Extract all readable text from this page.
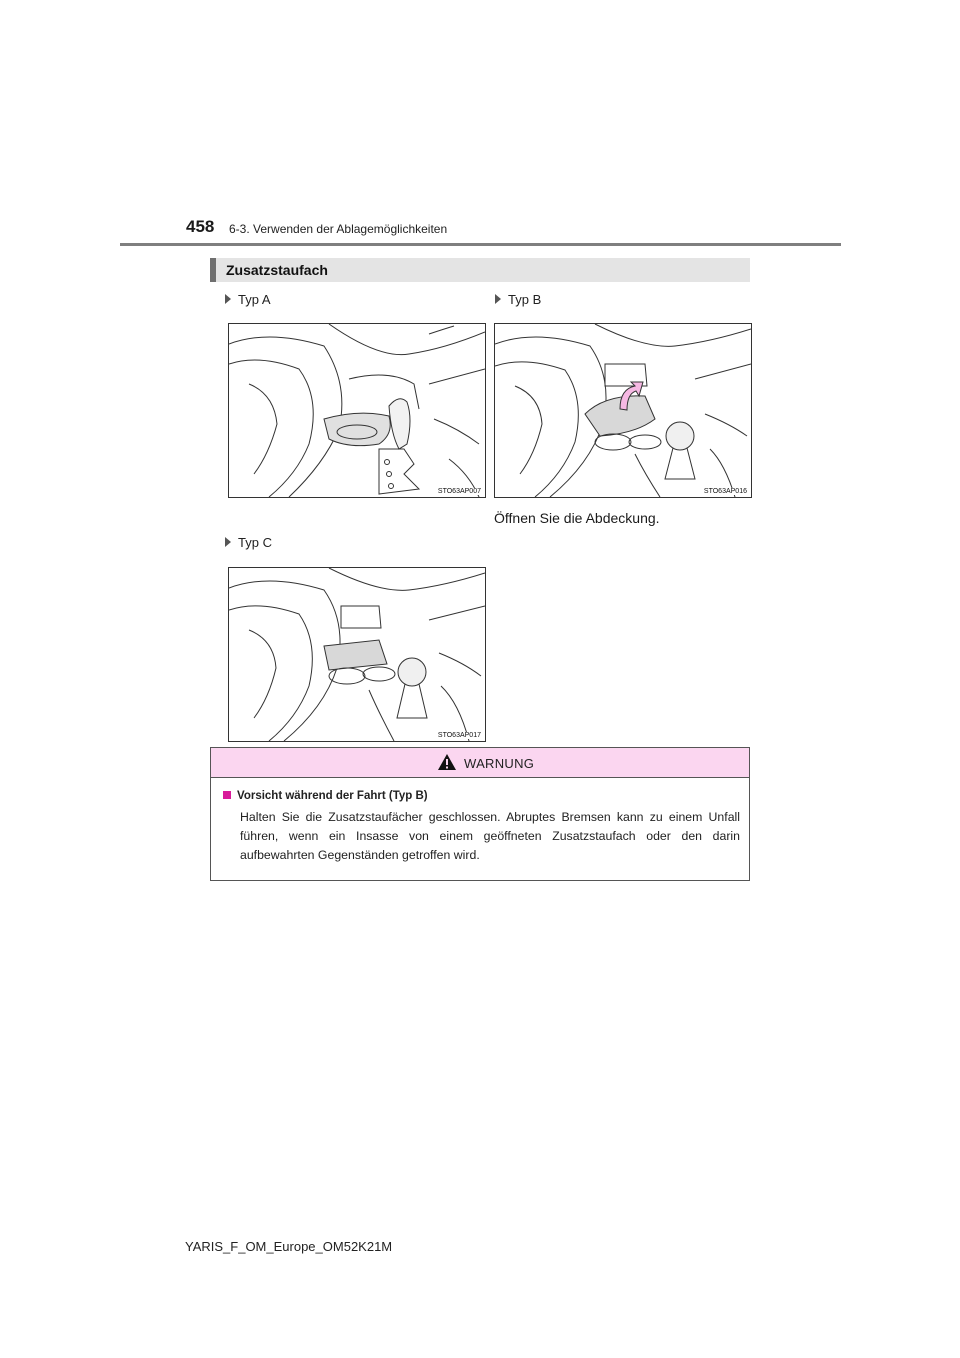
458 6-3. Verwenden der Ablagemöglichkeiten
Zusatzstaufach
Typ A	Typ B
Typ C
STO63AP007	STO63AP016
Öffnen Sie die Abdeckung.
STO63AP017
WARNUNG
Vorsicht während der Fahrt (Typ B)
Halten Sie die Zusatzstaufächer geschlossen. Abruptes Bremsen kann zu einem Unfall führen, wenn ein Insasse von einem geöffneten Zusatzstaufach oder den darin aufbewahrten Gegenständen getroffen wird.
YARIS_F_OM_Europe_OM52K21M
